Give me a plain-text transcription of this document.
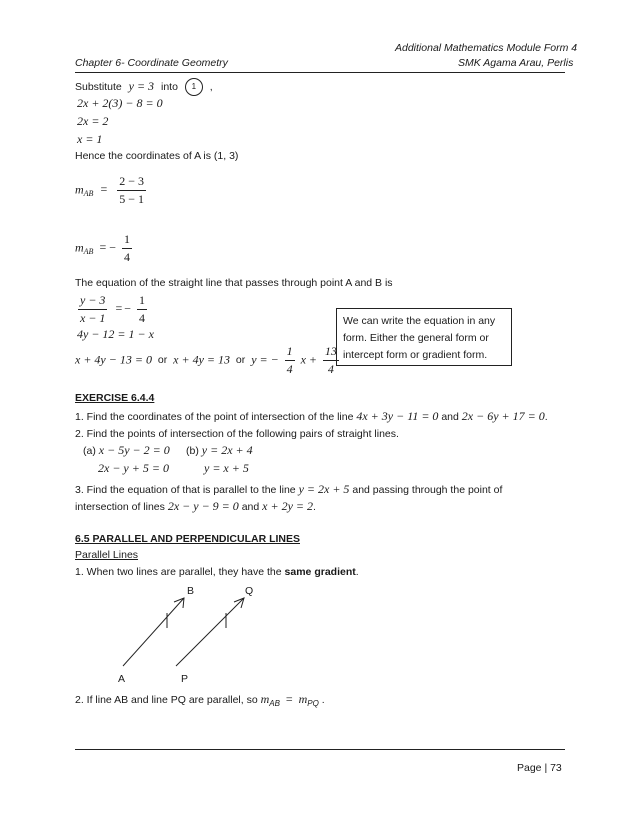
Additional Mathematics Module Form 4
Chapter 6- Coordinate Geometry	SMK Agama Arau, Perlis
Substitute y = 3 into 1 ,
2x + 2(3) − 8 = 0
2x = 2
x = 1
Hence the coordinates of A is (1, 3)
$m_{AB} = \frac{2 - 3}{5 - 1}$
$m_{AB}$ = − $\frac{1}{4}$
The equation of the straight line that passes through point A and B is
$\frac{y - 3}{x - 1}$ = − $\frac{1}{4}$
4y − 12 = 1 − x
x + 4y − 13 = 0 or x + 4y = 13 or y = − $\frac{1}{4}$ $x + \frac{13}{4}$
We can write the equation in any form. Either the general form or intercept form or gradient form.
EXERCISE 6.4.4
1. Find the coordinates of the point of intersection of the line 4x + 3y − 11 = 0 and 2x − 6y + 17 = 0.
2. Find the points of intersection of the following pairs of straight lines.
(a) x − 5y − 2 = 0
2x − y + 5 = 0
(b) y = 2x + 4
y = x + 5
3. Find the equation of that is parallel to the line y = 2x + 5 and passing through the point of
intersection of lines 2x − y − 9 = 0 and x + 2y = 2.
6.5 PARALLEL AND PERPENDICULAR LINES
Parallel Lines
1. When two lines are parallel, they have the same gradient.
B	Q
A	P
2. If line AB and line PQ are parallel, so $m_{AB} = m_{PQ}$ .
Page | 73
